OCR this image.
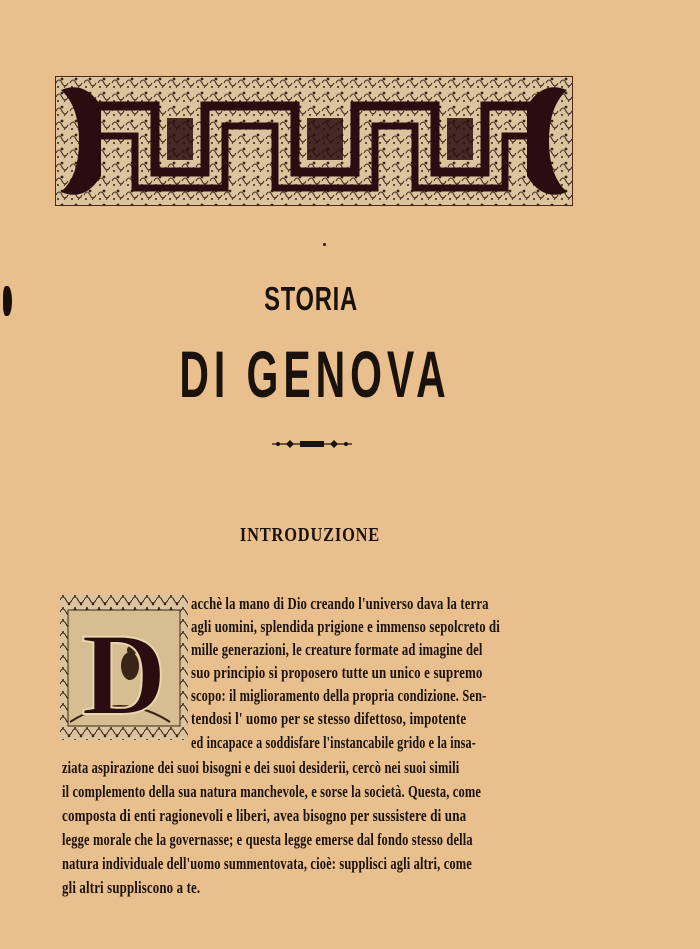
STORIA
DI GENOVA
INTRODUZIONE
D
acchè la mano di Dio creando l'universo dava la terra
agli uomini, splendida prigione e immenso sepolcreto di
mille generazioni, le creature formate ad imagine del
suo principio si proposero tutte un unico e supremo
scopo: il miglioramento della propria condizione. Sen-
tendosi l' uomo per se stesso difettoso, impotente
ed incapace a soddisfare l'instancabile grido e la insa-
ziata aspirazione dei suoi bisogni e dei suoi desiderii, cercò nei suoi simili
il complemento della sua natura manchevole, e sorse la società. Questa, come
composta di enti ragionevoli e liberi, avea bisogno per sussistere di una
legge morale che la governasse; e questa legge emerse dal fondo stesso della
natura individuale dell'uomo summentovata, cioè: supplisci agli altri, come
gli altri suppliscono a te.
